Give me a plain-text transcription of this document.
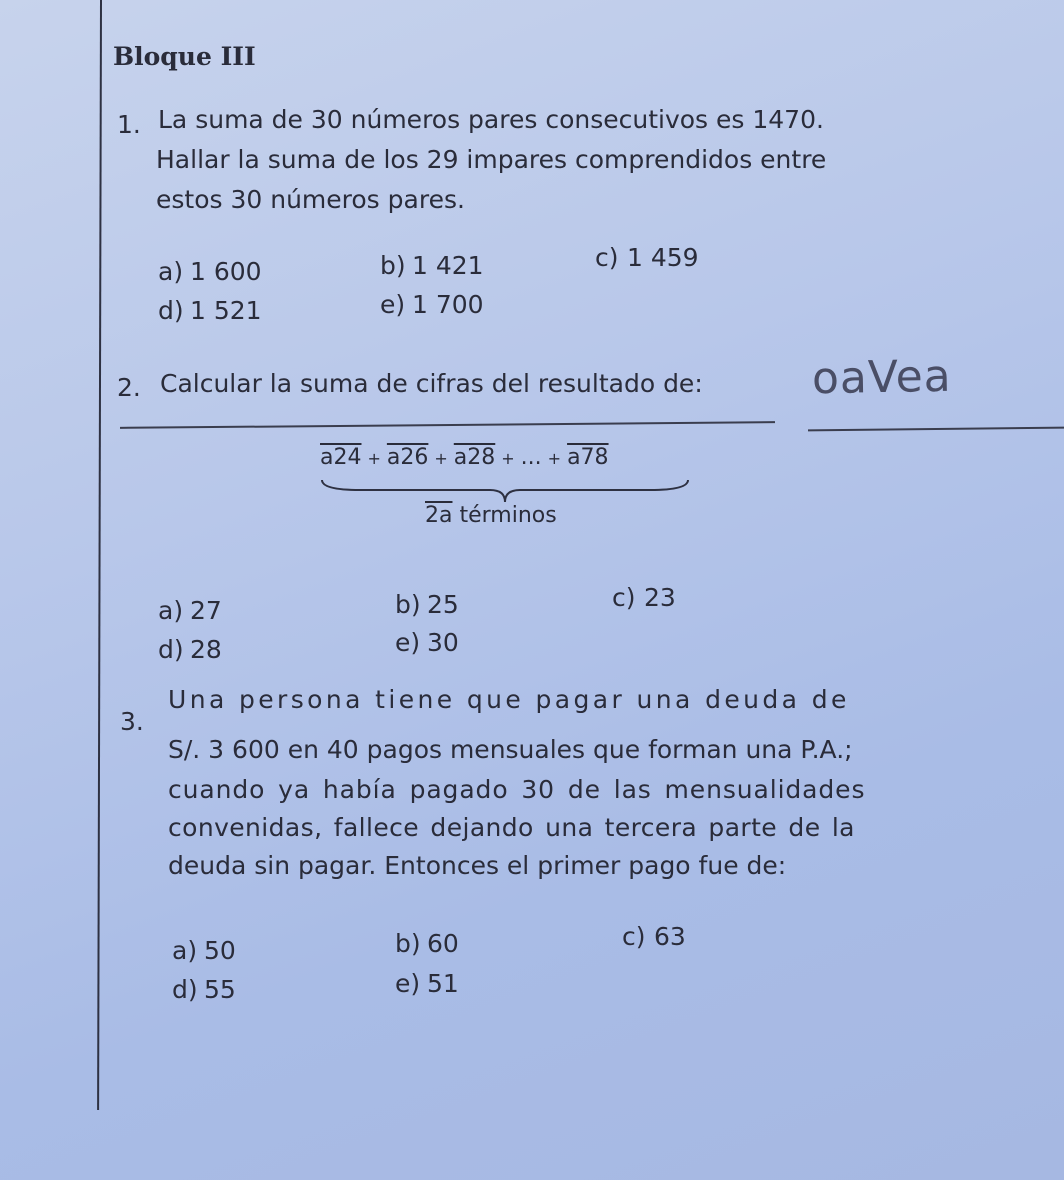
Bloque III
1. La suma de 30 números pares consecutivos es 1470.
Hallar la suma de los 29 impares comprendidos entre
estos 30 números pares.
a) 1 600	b) 1 421	c) 1 459
d) 1 521	e) 1 700
2. Calcular la suma de cifras del resultado de: oaVea
a24 + a26 + a28 + ... + a78
2a términos
a) 27	b) 25	c) 23
d) 28	e) 30
3.
Una persona tiene que pagar una deuda de
S/. 3 600 en 40 pagos mensuales que forman una P.A.;
cuando ya había pagado 30 de las mensualidades
convenidas, fallece dejando una tercera parte de la
deuda sin pagar. Entonces el primer pago fue de:
a) 50	b) 60	c) 63
d) 55	e) 51
